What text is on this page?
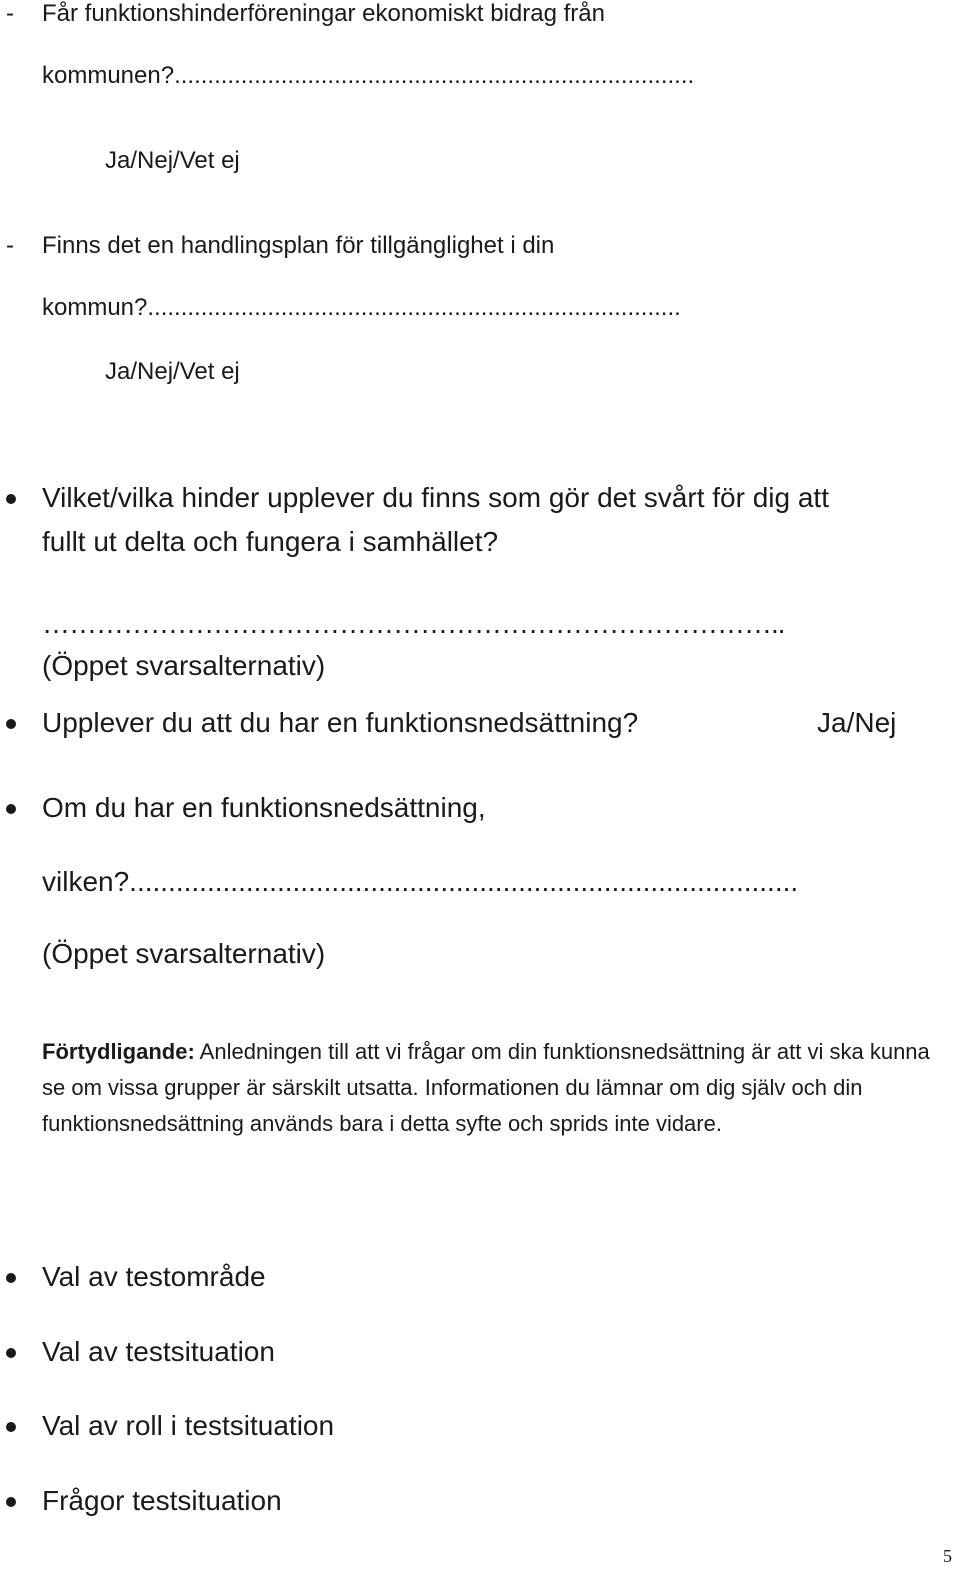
- Får funktionshinderföreningar ekonomiskt bidrag från
kommunen?..............................................................................
Ja/Nej/Vet ej
- Finns det en handlingsplan för tillgänglighet i din
kommun?................................................................................
Ja/Nej/Vet ej
Vilket/vilka hinder upplever du finns som gör det svårt för dig att
fullt ut delta och fungera i samhället?
………………………………………………………………………..
(Öppet svarsalternativ)
Upplever du att du har en funktionsnedsättning?	Ja/Nej
Om du har en funktionsnedsättning,
vilken?......................................................................................
(Öppet svarsalternativ)
Förtydligande: Anledningen till att vi frågar om din funktionsnedsättning är att vi ska kunna se om vissa grupper är särskilt utsatta. Informationen du lämnar om dig själv och din funktionsnedsättning används bara i detta syfte och sprids inte vidare.
Val av testområde
Val av testsituation
Val av roll i testsituation
Frågor testsituation
5
